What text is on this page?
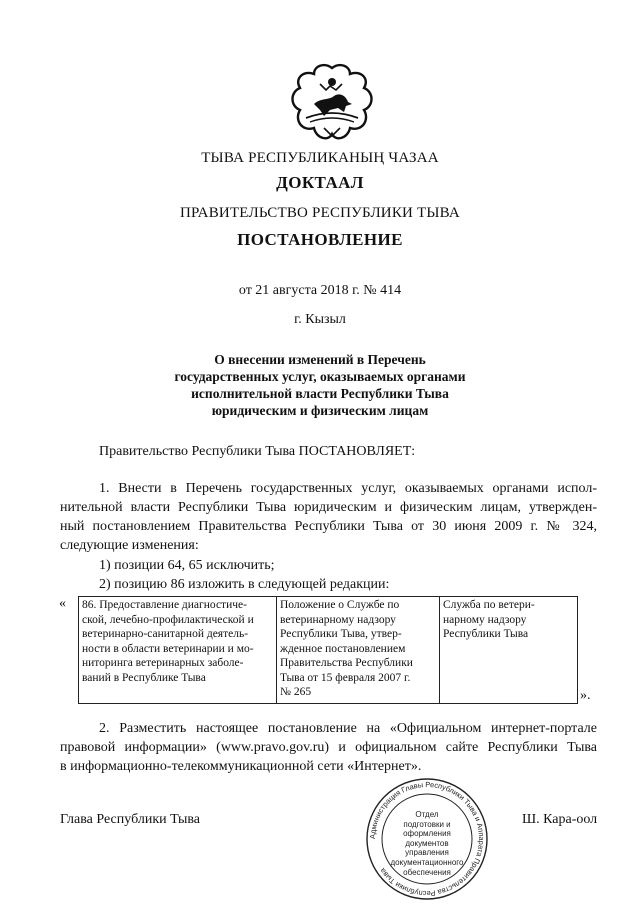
ТЫВА РЕСПУБЛИКАНЫҢ ЧАЗАА
ДОКТААЛ
ПРАВИТЕЛЬСТВО РЕСПУБЛИКИ ТЫВА
ПОСТАНОВЛЕНИЕ
от 21 августа 2018 г. № 414
г. Кызыл
О внесении изменений в Перечень
государственных услуг, оказываемых органами
исполнительной власти Республики Тыва
юридическим и физическим лицам
Правительство Республики Тыва ПОСТАНОВЛЯЕТ:
1. Внести в Перечень государственных услуг, оказываемых органами испол-
нительной власти Республики Тыва юридическим и физическим лицам, утвержден-
ный постановлением Правительства Республики Тыва от 30 июня 2009 г. № 324,
следующие изменения:
1) позиции 64, 65 исключить;
2) позицию 86 изложить в следующей редакции:
«
».
86. Предоставление диагностиче-
ской, лечебно-профилактической и
ветеринарно-санитарной деятель-
ности в области ветеринарии и мо-
ниторинга ветеринарных заболе-
ваний в Республике Тыва

Положение о Службе по
ветеринарному надзору
Республики Тыва, утвер-
жденное постановлением
Правительства Республики
Тыва от 15 февраля 2007 г.
№ 265

Служба по ветери-
нарному надзору
Республики Тыва
2. Разместить настоящее постановление на «Официальном интернет-портале
правовой информации» (www.pravo.gov.ru) и официальном сайте Республики Тыва
в информационно-телекоммуникационной сети «Интернет».
Глава Республики Тыва	Ш. Кара-оол
Администрация Главы Республики Тыва и Аппарата Правительства Республики Тыва
Отдел
подготовки и
оформления документов
управления
документационного
обеспечения
